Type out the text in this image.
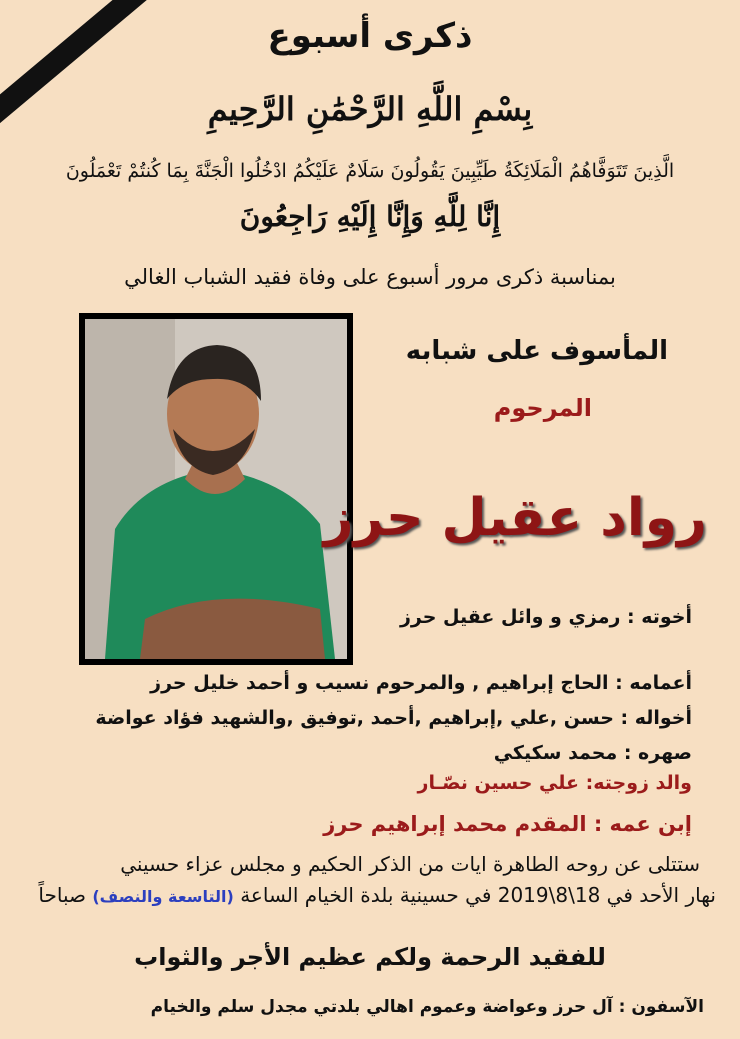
ذكرى أسبوع
بِسْمِ اللَّهِ الرَّحْمَٰنِ الرَّحِيمِ
الَّذِينَ تَتَوَفَّاهُمُ الْمَلَائِكَةُ طَيِّبِينَ يَقُولُونَ سَلَامٌ عَلَيْكُمُ ادْخُلُوا الْجَنَّةَ بِمَا كُنتُمْ تَعْمَلُونَ
إِنَّا لِلَّهِ وَإِنَّا إِلَيْهِ رَاجِعُونَ
بمناسبة ذكرى مرور أسبوع على وفاة فقيد الشباب الغالي
المأسوف على شبابه
المرحوم
رواد عقيل حرز
أخوته : رمزي و وائل عقيل حرز
أعمامه : الحاج إبراهيم , والمرحوم نسيب و أحمد خليل حرز
أخواله : حسن ,علي ,إبراهيم ,أحمد ,توفيق ,والشهيد فؤاد عواضة
صهره : محمد سكيكي
والد زوجته: علي حسين نصّـار
إبن عمه : المقدم محمد إبراهيم حرز
ستتلى عن روحه الطاهرة ايات من الذكر الحكيم و مجلس عزاء حسيني
نهار الأحد في 18\8\2019 في حسينية بلدة الخيام الساعة (التاسعة والنصف) صباحاً
للفقيد الرحمة ولكم عظيم الأجر والثواب
الآسفون : آل حرز وعواضة وعموم اهالي بلدتي مجدل سلم والخيام
